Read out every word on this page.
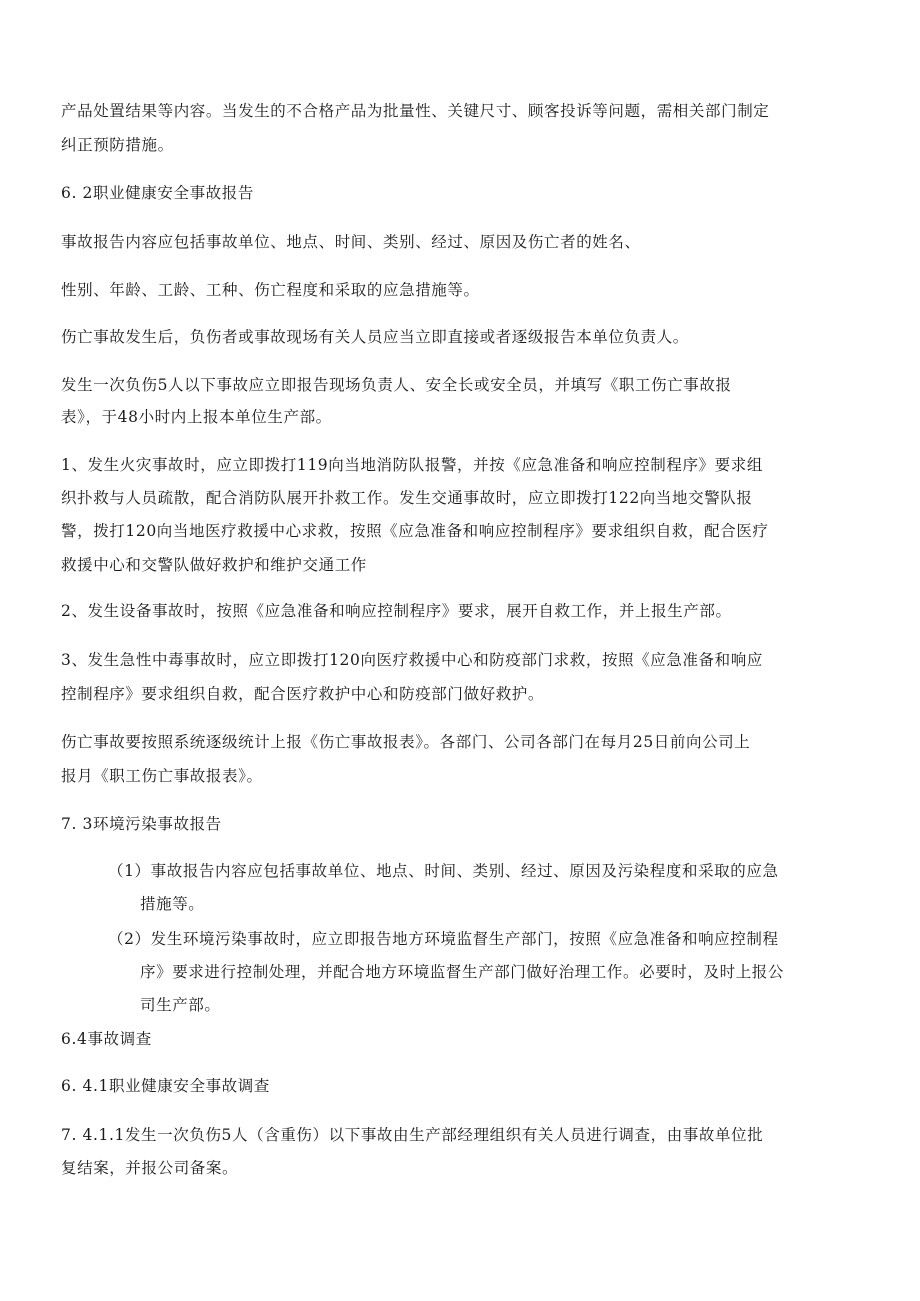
产品处置结果等内容。当发生的不合格产品为批量性、关键尺寸、顾客投诉等问题，需相关部门制定
纠正预防措施。
6. 2职业健康安全事故报告
事故报告内容应包括事故单位、地点、时间、类别、经过、原因及伤亡者的姓名、
性别、年龄、工龄、工种、伤亡程度和采取的应急措施等。
伤亡事故发生后，负伤者或事故现场有关人员应当立即直接或者逐级报告本单位负责人。
发生一次负伤5人以下事故应立即报告现场负责人、安全长或安全员，并填写《职工伤亡事故报
表》，于48小时内上报本单位生产部。
1、发生火灾事故时，应立即拨打119向当地消防队报警，并按《应急准备和响应控制程序》要求组
织扑救与人员疏散，配合消防队展开扑救工作。发生交通事故时，应立即拨打122向当地交警队报
警，拨打120向当地医疗救援中心求救，按照《应急准备和响应控制程序》要求组织自救，配合医疗
救援中心和交警队做好救护和维护交通工作
2、发生设备事故时，按照《应急准备和响应控制程序》要求，展开自救工作，并上报生产部。
3、发生急性中毒事故时，应立即拨打120向医疗救援中心和防疫部门求救，按照《应急准备和响应
控制程序》要求组织自救，配合医疗救护中心和防疫部门做好救护。
伤亡事故要按照系统逐级统计上报《伤亡事故报表》。各部门、公司各部门在每月25日前向公司上
报月《职工伤亡事故报表》。
7. 3环境污染事故报告
（1）事故报告内容应包括事故单位、地点、时间、类别、经过、原因及污染程度和采取的应急
措施等。
（2）发生环境污染事故时，应立即报告地方环境监督生产部门，按照《应急准备和响应控制程
序》要求进行控制处理，并配合地方环境监督生产部门做好治理工作。必要时，及时上报公
司生产部。
6.4事故调查
6. 4.1职业健康安全事故调查
7. 4.1.1发生一次负伤5人（含重伤）以下事故由生产部经理组织有关人员进行调查，由事故单位批
复结案，并报公司备案。
